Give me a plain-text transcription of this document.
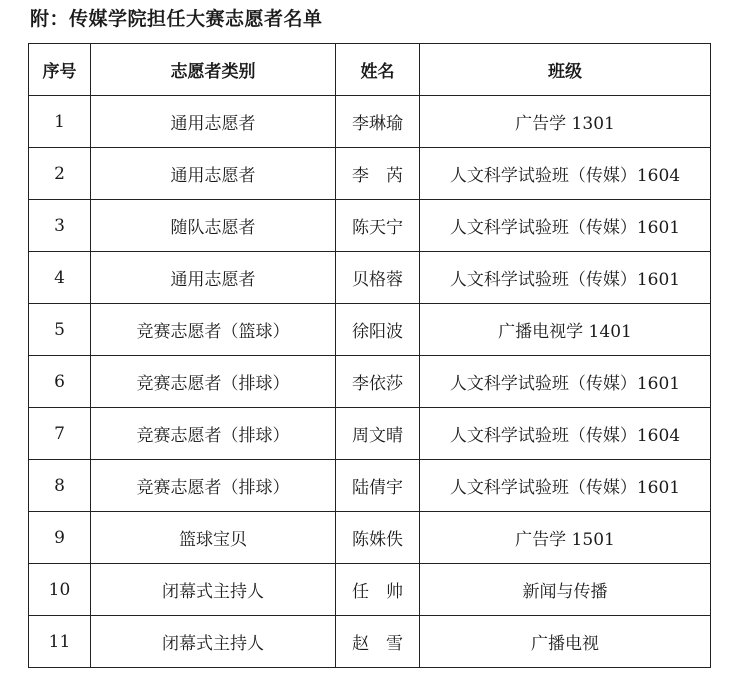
附：传媒学院担任大赛志愿者名单
序号	志愿者类别	姓名	班级
1	通用志愿者	李琳瑜	广告学 1301
2	通用志愿者	李　芮	人文科学试验班（传媒）1604
3	随队志愿者	陈天宁	人文科学试验班（传媒）1601
4	通用志愿者	贝格蓉	人文科学试验班（传媒）1601
5	竞赛志愿者（篮球）	徐阳波	广播电视学 1401
6	竞赛志愿者（排球）	李依莎	人文科学试验班（传媒）1601
7	竞赛志愿者（排球）	周文晴	人文科学试验班（传媒）1604
8	竞赛志愿者（排球）	陆倩宇	人文科学试验班（传媒）1601
9	篮球宝贝	陈姝佚	广告学 1501
10	闭幕式主持人	任　帅	新闻与传播
11	闭幕式主持人	赵　雪	广播电视
